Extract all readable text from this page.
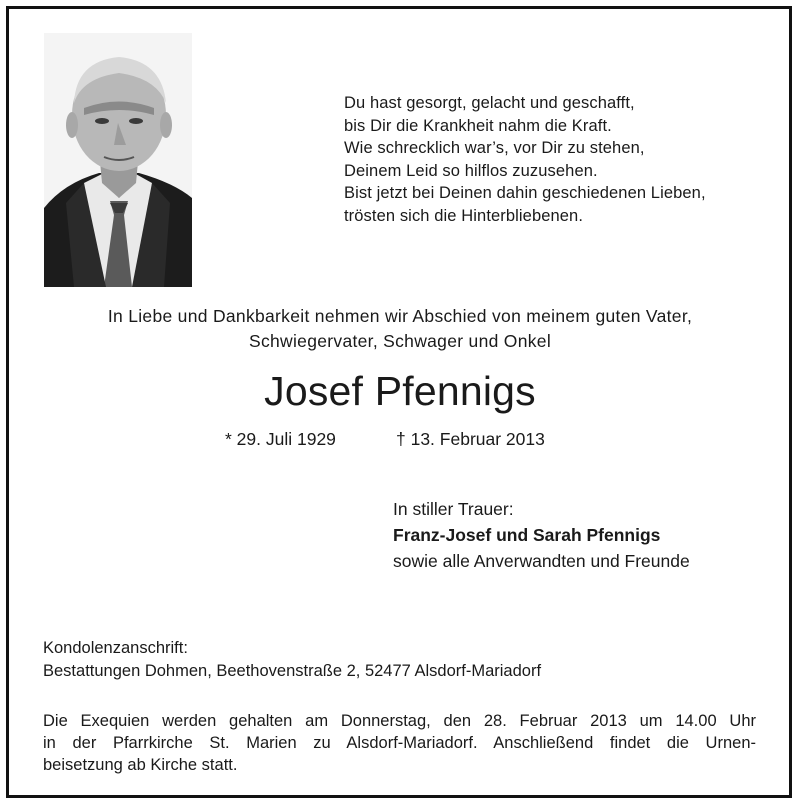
Du hast gesorgt, gelacht und geschafft,
bis Dir die Krankheit nahm die Kraft.
Wie schrecklich war’s, vor Dir zu stehen,
Deinem Leid so hilflos zuzusehen.
Bist jetzt bei Deinen dahin geschiedenen Lieben,
trösten sich die Hinterbliebenen.
In Liebe und Dankbarkeit nehmen wir Abschied von meinem guten Vater,
Schwiegervater, Schwager und Onkel
Josef Pfennigs
* 29. Juli 1929	† 13. Februar 2013
In stiller Trauer:
Franz-Josef und Sarah Pfennigs
sowie alle Anverwandten und Freunde
Kondolenzanschrift:
Bestattungen Dohmen, Beethovenstraße 2, 52477 Alsdorf-Mariadorf
Die Exequien werden gehalten am Donnerstag, den 28. Februar 2013 um 14.00 Uhr
in der Pfarrkirche St. Marien zu Alsdorf-Mariadorf. Anschließend findet die Urnen-
beisetzung ab Kirche statt.
